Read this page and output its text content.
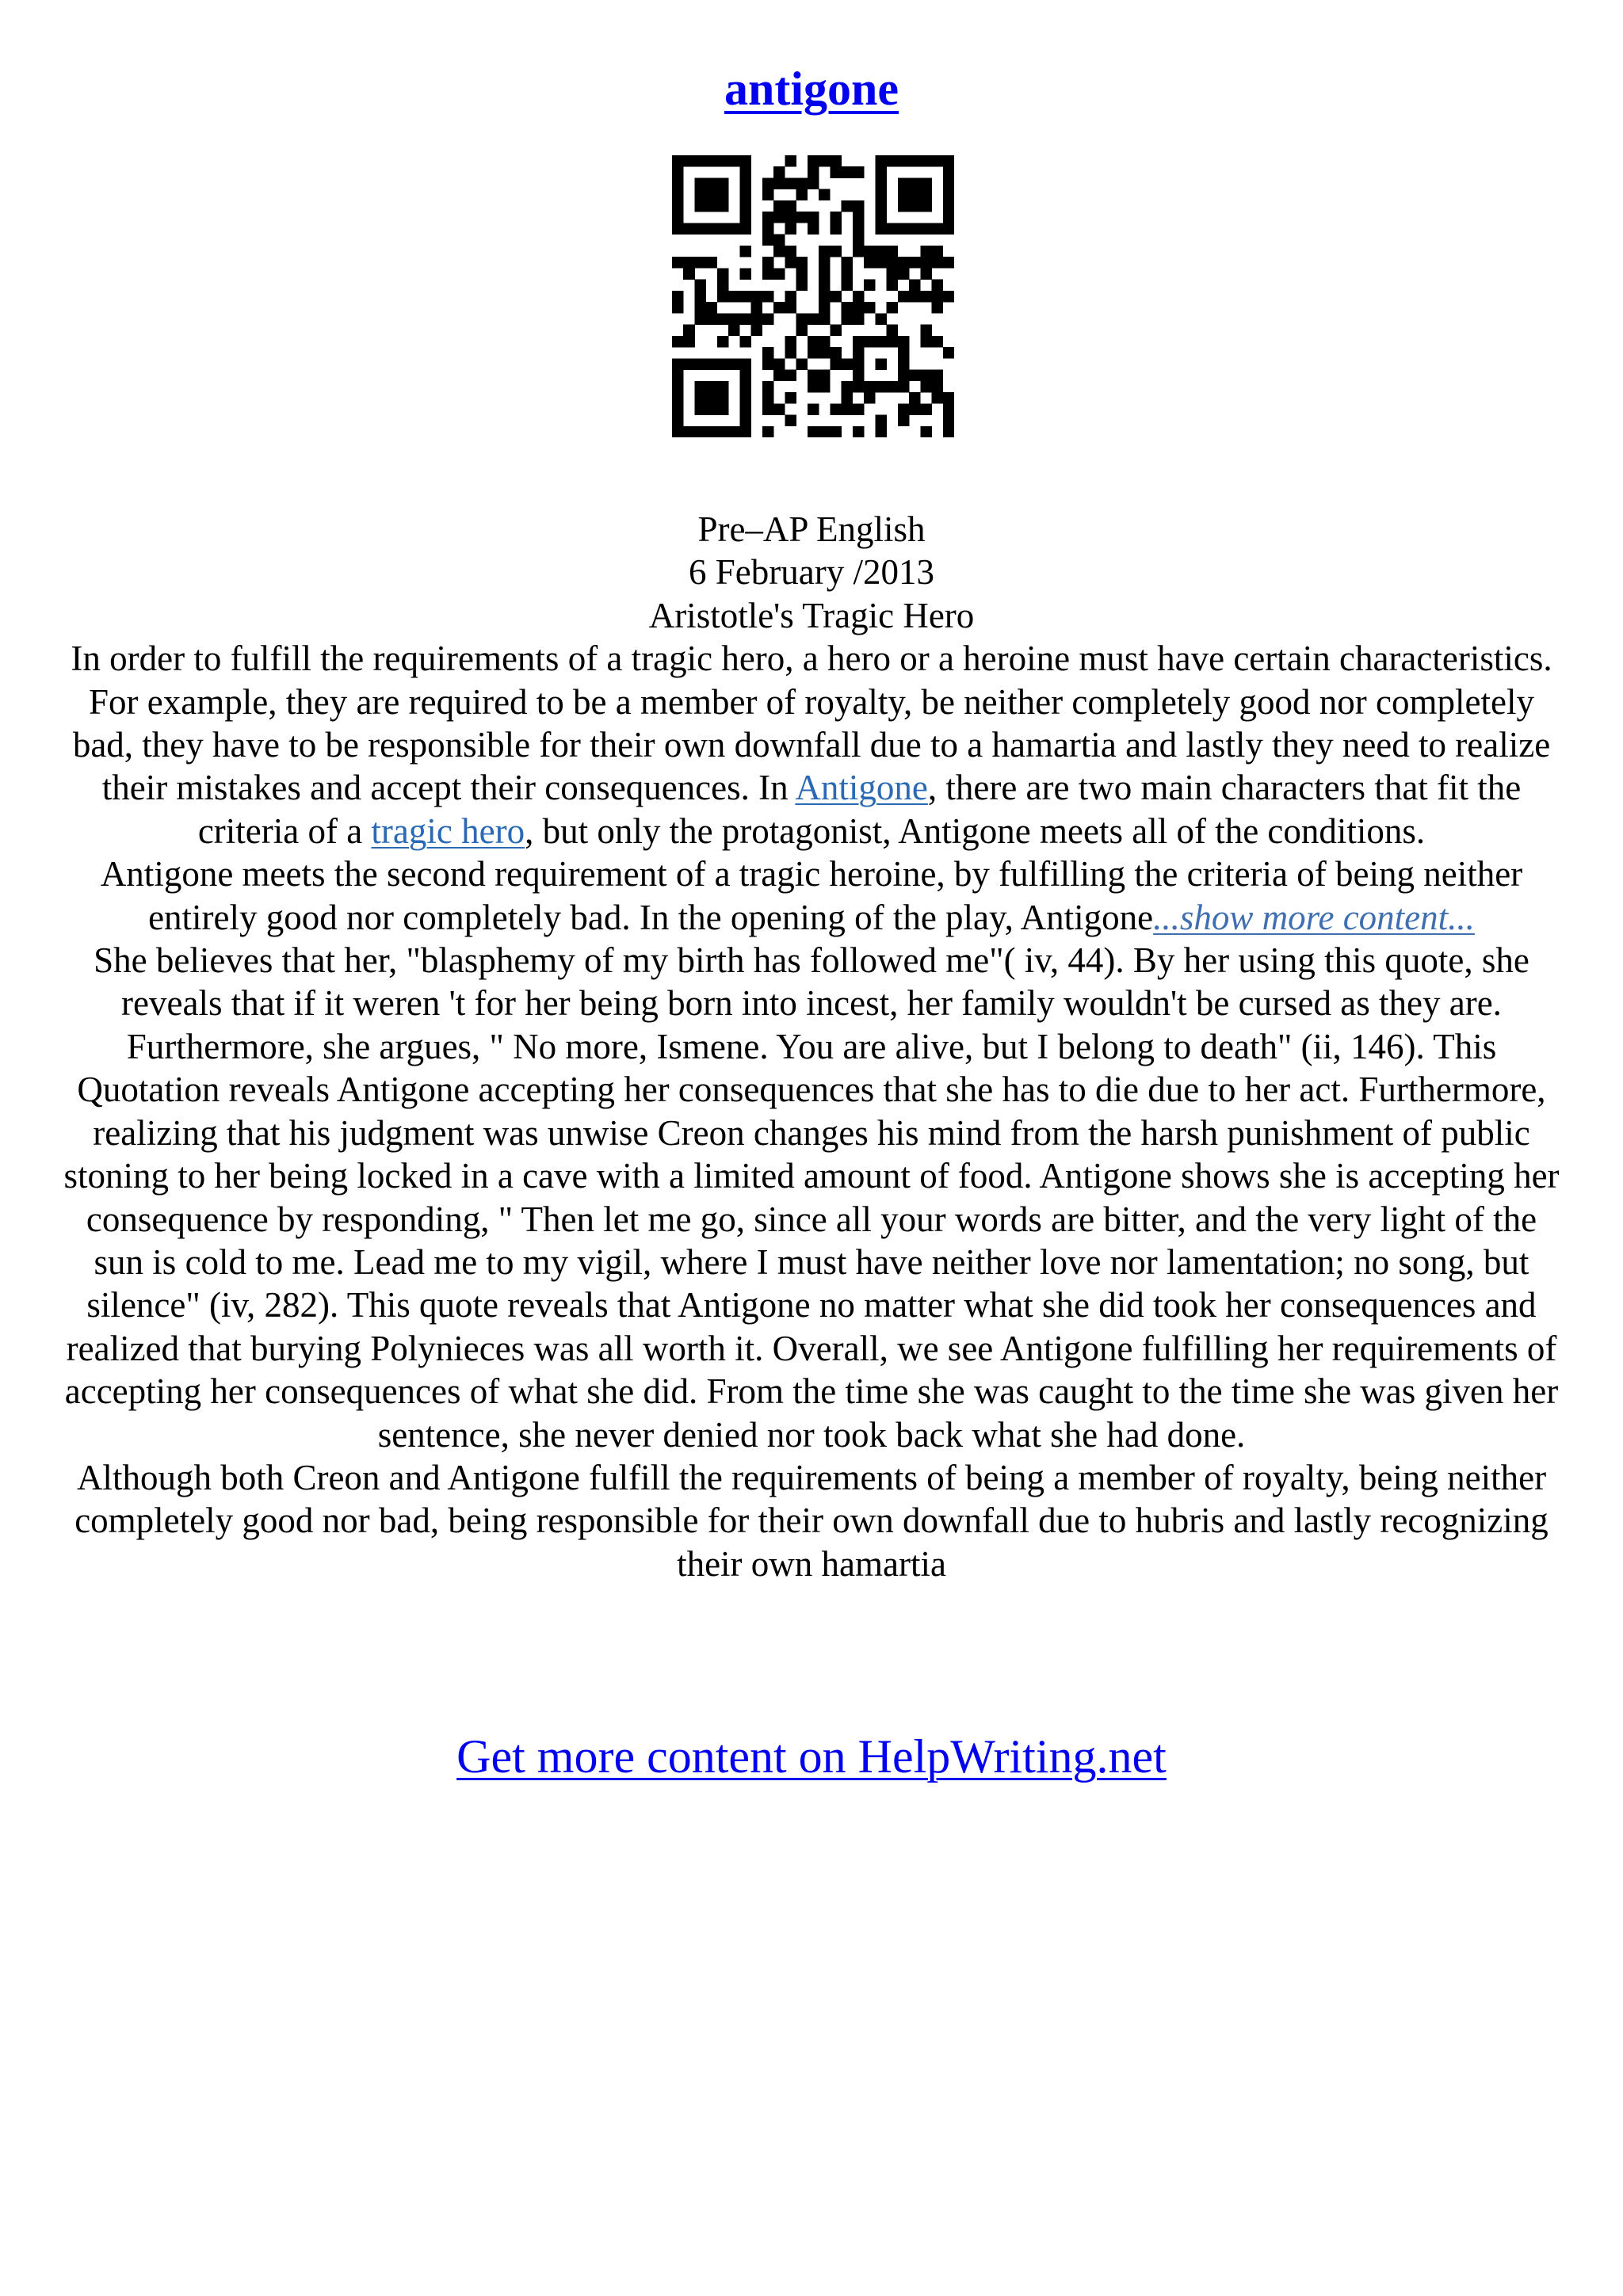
antigone

Pre–AP English

6 February /2013

Aristotle's Tragic Hero

In order to fulfill the requirements of a tragic hero, a hero or a heroine must have certain characteristics. For example, they are required to be a member of royalty, be neither completely good nor completely bad, they have to be responsible for their own downfall due to a hamartia and lastly they need to realize their mistakes and accept their consequences. In Antigone, there are two main characters that fit the criteria of a tragic hero, but only the protagonist, Antigone meets all of the conditions.

Antigone meets the second requirement of a tragic heroine, by fulfilling the criteria of being neither entirely good nor completely bad. In the opening of the play, Antigone...show more content...

She believes that her, "blasphemy of my birth has followed me"( iv, 44). By her using this quote, she reveals that if it weren 't for her being born into incest, her family wouldn't be cursed as they are. Furthermore, she argues, " No more, Ismene. You are alive, but I belong to death" (ii, 146). This Quotation reveals Antigone accepting her consequences that she has to die due to her act. Furthermore, realizing that his judgment was unwise Creon changes his mind from the harsh punishment of public stoning to her being locked in a cave with a limited amount of food. Antigone shows she is accepting her consequence by responding, " Then let me go, since all your words are bitter, and the very light of the sun is cold to me. Lead me to my vigil, where I must have neither love nor lamentation; no song, but silence" (iv, 282). This quote reveals that Antigone no matter what she did took her consequences and realized that burying Polynieces was all worth it. Overall, we see Antigone fulfilling her requirements of accepting her consequences of what she did. From the time she was caught to the time she was given her sentence, she never denied nor took back what she had done.

Although both Creon and Antigone fulfill the requirements of being a member of royalty, being neither completely good nor bad, being responsible for their own downfall due to hubris and lastly recognizing their own hamartia

Get more content on HelpWriting.net
